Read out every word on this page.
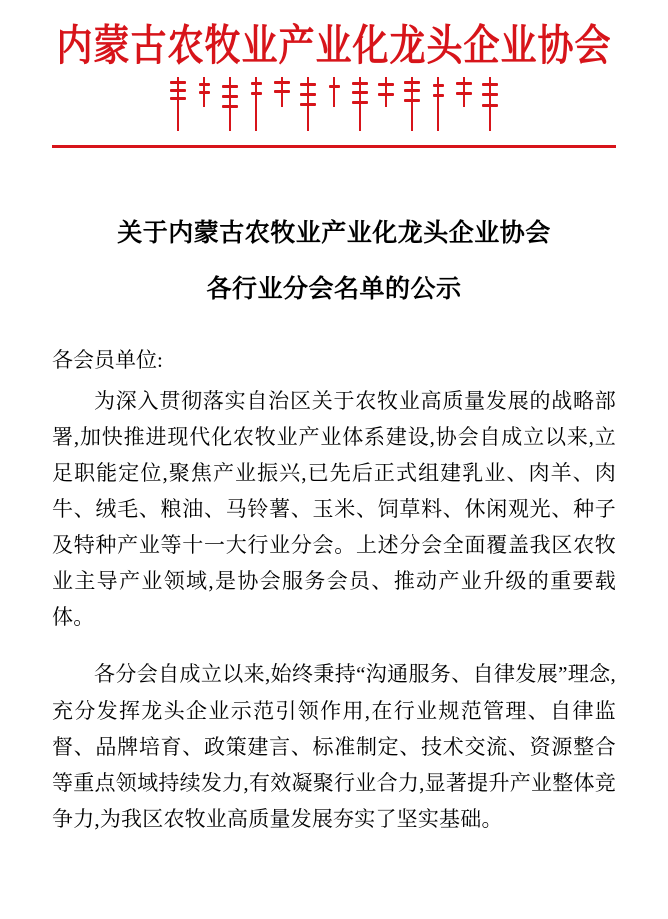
内蒙古农牧业产业化龙头企业协会
关于内蒙古农牧业产业化龙头企业协会
各行业分会名单的公示
各会员单位:

为深入贯彻落实自治区关于农牧业高质量发展的战略部署,加快推进现代化农牧业产业体系建设,协会自成立以来,立足职能定位,聚焦产业振兴,已先后正式组建乳业、肉羊、肉牛、绒毛、粮油、马铃薯、玉米、饲草料、休闲观光、种子及特种产业等十一大行业分会。上述分会全面覆盖我区农牧业主导产业领域,是协会服务会员、推动产业升级的重要载体。

各分会自成立以来,始终秉持“沟通服务、自律发展”理念,充分发挥龙头企业示范引领作用,在行业规范管理、自律监督、品牌培育、政策建言、标准制定、技术交流、资源整合等重点领域持续发力,有效凝聚行业合力,显著提升产业整体竞争力,为我区农牧业高质量发展夯实了坚实基础。
